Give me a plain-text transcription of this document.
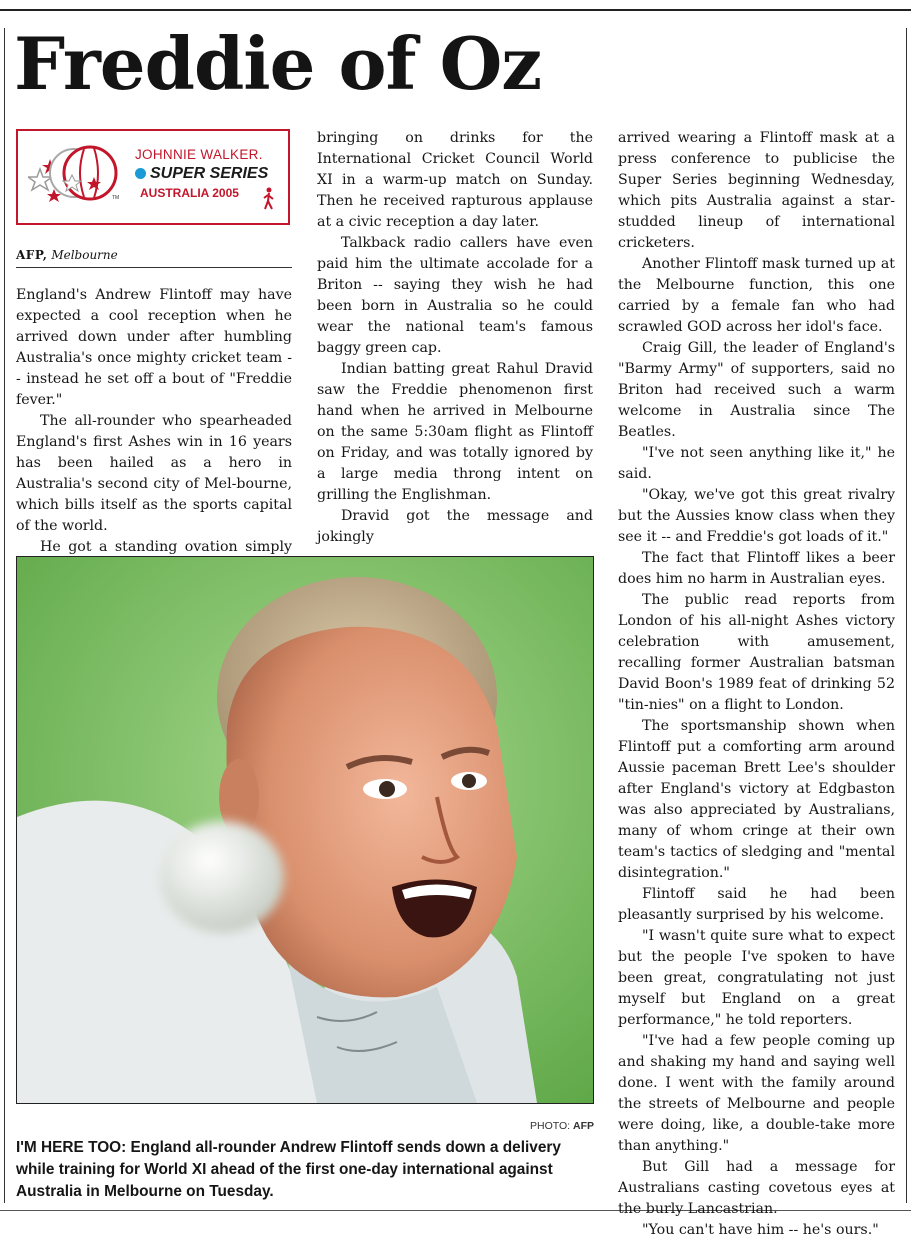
Freddie of Oz
TM
JOHNNIE WALKER.
SUPER SERIES
AUSTRALIA 2005
AFP, Melbourne

England's Andrew Flintoff may have expected a cool reception when he arrived down under after humbling Australia's once mighty cricket team -- instead he set off a bout of "Freddie fever."

The all-rounder who spearheaded England's first Ashes win in 16 years has been hailed as a hero in Australia's second city of Mel-bourne, which bills itself as the sports capital of the world.

He got a standing ovation simply

bringing on drinks for the International Cricket Council World XI in a warm-up match on Sunday. Then he received rapturous applause at a civic reception a day later.

Talkback radio callers have even paid him the ultimate accolade for a Briton -- saying they wish he had been born in Australia so he could wear the national team's famous baggy green cap.

Indian batting great Rahul Dravid saw the Freddie phenomenon first hand when he arrived in Melbourne on the same 5:30am flight as Flintoff on Friday, and was totally ignored by a large media throng intent on grilling the Englishman.

Dravid got the message and jokingly

arrived wearing a Flintoff mask at a press conference to publicise the Super Series beginning Wednesday, which pits Australia against a star-studded lineup of international cricketers.

Another Flintoff mask turned up at the Melbourne function, this one carried by a female fan who had scrawled GOD across her idol's face.

Craig Gill, the leader of England's "Barmy Army" of supporters, said no Briton had received such a warm welcome in Australia since The Beatles.

"I've not seen anything like it," he said.

"Okay, we've got this great rivalry but the Aussies know class when they see it -- and Freddie's got loads of it."

The fact that Flintoff likes a beer does him no harm in Australian eyes.

The public read reports from London of his all-night Ashes victory celebration with amusement, recalling former Australian batsman David Boon's 1989 feat of drinking 52 "tin-nies" on a flight to London.

The sportsmanship shown when Flintoff put a comforting arm around Aussie paceman Brett Lee's shoulder after England's victory at Edgbaston was also appreciated by Australians, many of whom cringe at their own team's tactics of sledging and "mental disintegration."

Flintoff said he had been pleasantly surprised by his welcome.

"I wasn't quite sure what to expect but the people I've spoken to have been great, congratulating not just myself but England on a great performance," he told reporters.

"I've had a few people coming up and shaking my hand and saying well done. I went with the family around the streets of Melbourne and people were doing, like, a double-take more than anything."

But Gill had a message for Australians casting covetous eyes at the burly Lancastrian.

"You can't have him -- he's ours."

PHOTO: AFP
I'M HERE TOO: England all-rounder Andrew Flintoff sends down a delivery while training for World XI ahead of the first one-day international against Australia in Melbourne on Tuesday.
